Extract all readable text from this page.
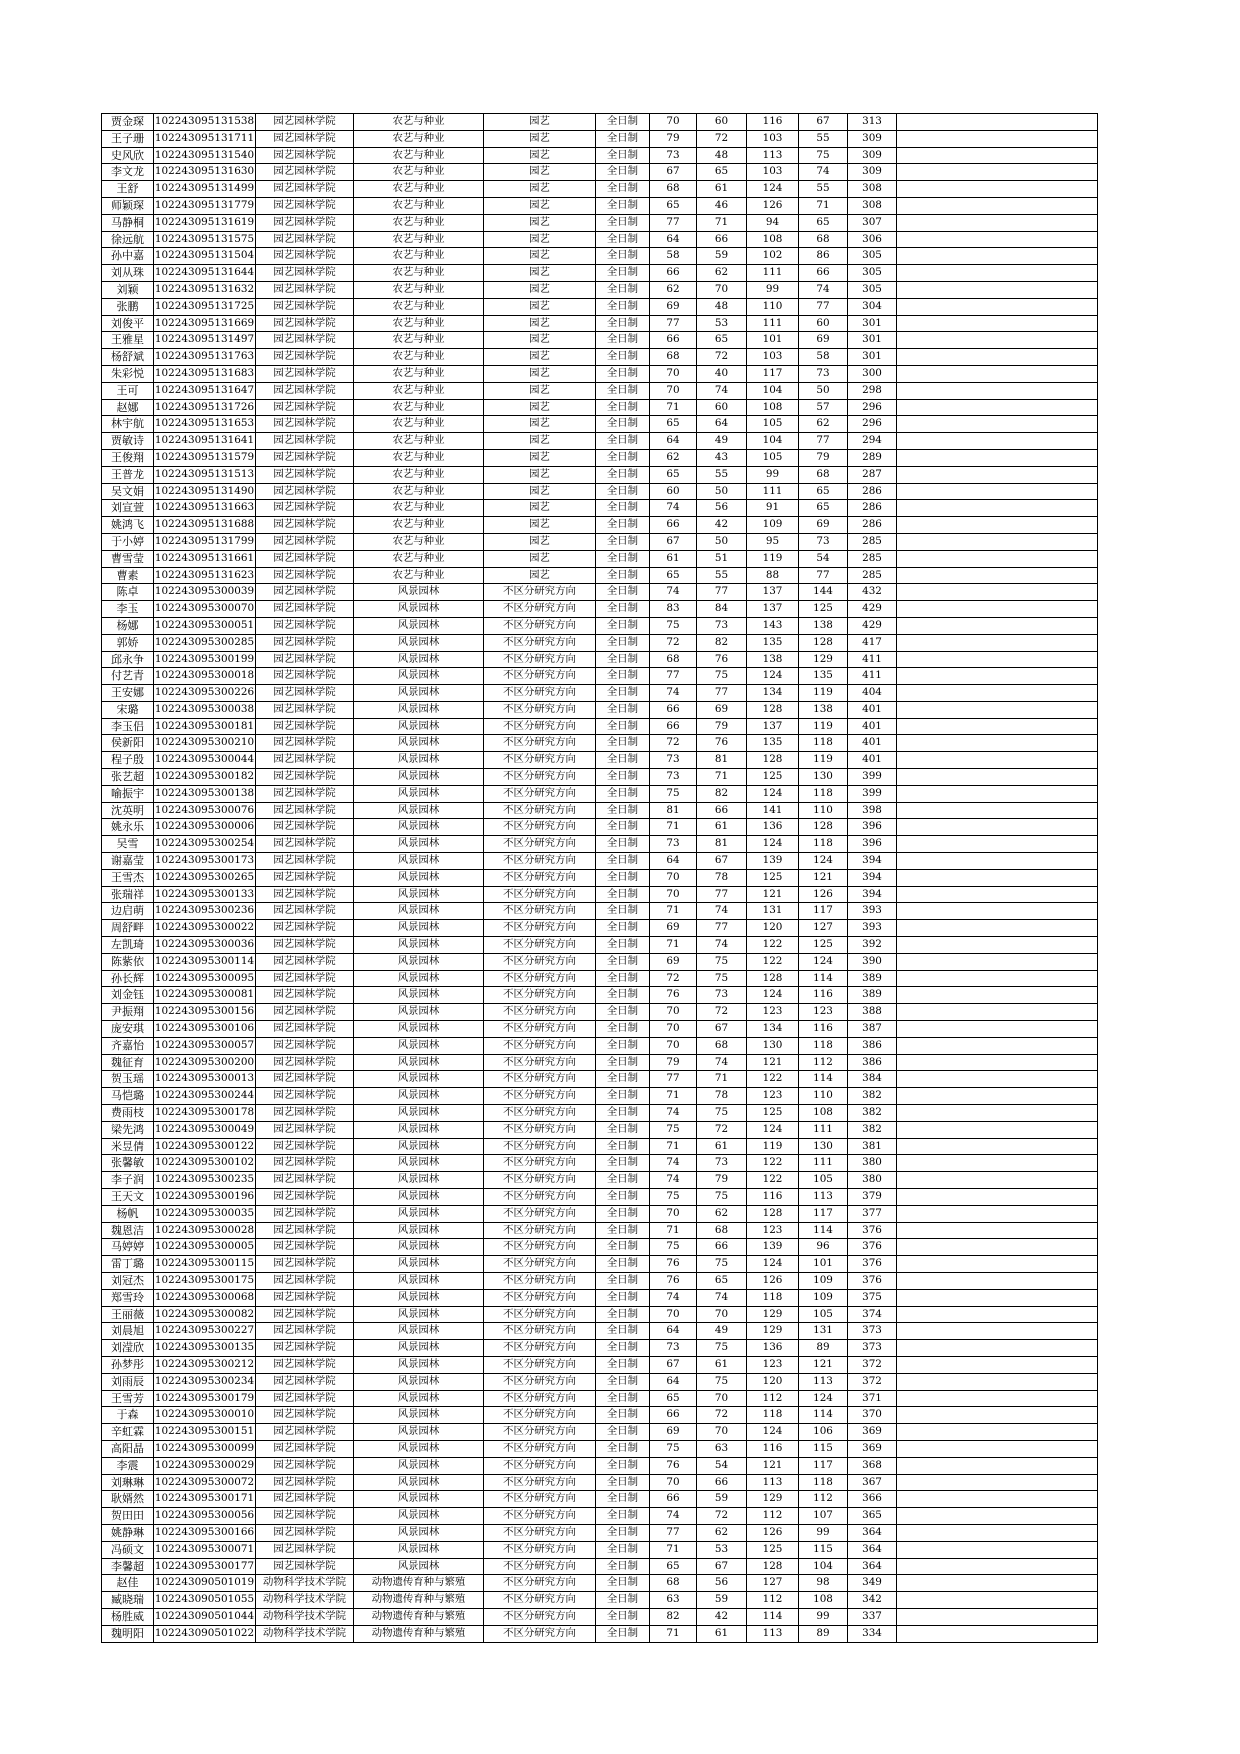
贾金琛	102243095131538	园艺园林学院	农艺与种业	园艺	全日制	70	60	116	67	313	
王子珊	102243095131711	园艺园林学院	农艺与种业	园艺	全日制	79	72	103	55	309	
史风欣	102243095131540	园艺园林学院	农艺与种业	园艺	全日制	73	48	113	75	309	
李文龙	102243095131630	园艺园林学院	农艺与种业	园艺	全日制	67	65	103	74	309	
王舒	102243095131499	园艺园林学院	农艺与种业	园艺	全日制	68	61	124	55	308	
师颖琛	102243095131779	园艺园林学院	农艺与种业	园艺	全日制	65	46	126	71	308	
马静桐	102243095131619	园艺园林学院	农艺与种业	园艺	全日制	77	71	94	65	307	
徐远航	102243095131575	园艺园林学院	农艺与种业	园艺	全日制	64	66	108	68	306	
孙中嘉	102243095131504	园艺园林学院	农艺与种业	园艺	全日制	58	59	102	86	305	
刘从珠	102243095131644	园艺园林学院	农艺与种业	园艺	全日制	66	62	111	66	305	
刘颖	102243095131632	园艺园林学院	农艺与种业	园艺	全日制	62	70	99	74	305	
张鹏	102243095131725	园艺园林学院	农艺与种业	园艺	全日制	69	48	110	77	304	
刘俊平	102243095131669	园艺园林学院	农艺与种业	园艺	全日制	77	53	111	60	301	
王雅星	102243095131497	园艺园林学院	农艺与种业	园艺	全日制	66	65	101	69	301	
杨舒斌	102243095131763	园艺园林学院	农艺与种业	园艺	全日制	68	72	103	58	301	
朱彩悦	102243095131683	园艺园林学院	农艺与种业	园艺	全日制	70	40	117	73	300	
王可	102243095131647	园艺园林学院	农艺与种业	园艺	全日制	70	74	104	50	298	
赵娜	102243095131726	园艺园林学院	农艺与种业	园艺	全日制	71	60	108	57	296	
林宇航	102243095131653	园艺园林学院	农艺与种业	园艺	全日制	65	64	105	62	296	
贾敏诗	102243095131641	园艺园林学院	农艺与种业	园艺	全日制	64	49	104	77	294	
王俊翔	102243095131579	园艺园林学院	农艺与种业	园艺	全日制	62	43	105	79	289	
王普龙	102243095131513	园艺园林学院	农艺与种业	园艺	全日制	65	55	99	68	287	
吴文娟	102243095131490	园艺园林学院	农艺与种业	园艺	全日制	60	50	111	65	286	
刘宣萱	102243095131663	园艺园林学院	农艺与种业	园艺	全日制	74	56	91	65	286	
姚鸿飞	102243095131688	园艺园林学院	农艺与种业	园艺	全日制	66	42	109	69	286	
于小婷	102243095131799	园艺园林学院	农艺与种业	园艺	全日制	67	50	95	73	285	
曹雪莹	102243095131661	园艺园林学院	农艺与种业	园艺	全日制	61	51	119	54	285	
曹素	102243095131623	园艺园林学院	农艺与种业	园艺	全日制	65	55	88	77	285	
陈卓	102243095300039	园艺园林学院	风景园林	不区分研究方向	全日制	74	77	137	144	432	
李玉	102243095300070	园艺园林学院	风景园林	不区分研究方向	全日制	83	84	137	125	429	
杨娜	102243095300051	园艺园林学院	风景园林	不区分研究方向	全日制	75	73	143	138	429	
郭娇	102243095300285	园艺园林学院	风景园林	不区分研究方向	全日制	72	82	135	128	417	
邱永争	102243095300199	园艺园林学院	风景园林	不区分研究方向	全日制	68	76	138	129	411	
付艺青	102243095300018	园艺园林学院	风景园林	不区分研究方向	全日制	77	75	124	135	411	
王安娜	102243095300226	园艺园林学院	风景园林	不区分研究方向	全日制	74	77	134	119	404	
宋璐	102243095300038	园艺园林学院	风景园林	不区分研究方向	全日制	66	69	128	138	401	
李玉侣	102243095300181	园艺园林学院	风景园林	不区分研究方向	全日制	66	79	137	119	401	
侯新阳	102243095300210	园艺园林学院	风景园林	不区分研究方向	全日制	72	76	135	118	401	
程子殷	102243095300044	园艺园林学院	风景园林	不区分研究方向	全日制	73	81	128	119	401	
张艺超	102243095300182	园艺园林学院	风景园林	不区分研究方向	全日制	73	71	125	130	399	
喻振宇	102243095300138	园艺园林学院	风景园林	不区分研究方向	全日制	75	82	124	118	399	
沈英明	102243095300076	园艺园林学院	风景园林	不区分研究方向	全日制	81	66	141	110	398	
姚永乐	102243095300006	园艺园林学院	风景园林	不区分研究方向	全日制	71	61	136	128	396	
吴雪	102243095300254	园艺园林学院	风景园林	不区分研究方向	全日制	73	81	124	118	396	
谢嘉莹	102243095300173	园艺园林学院	风景园林	不区分研究方向	全日制	64	67	139	124	394	
王雪杰	102243095300265	园艺园林学院	风景园林	不区分研究方向	全日制	70	78	125	121	394	
张瑞祥	102243095300133	园艺园林学院	风景园林	不区分研究方向	全日制	70	77	121	126	394	
边启萌	102243095300236	园艺园林学院	风景园林	不区分研究方向	全日制	71	74	131	117	393	
周舒畔	102243095300022	园艺园林学院	风景园林	不区分研究方向	全日制	69	77	120	127	393	
左凯琦	102243095300036	园艺园林学院	风景园林	不区分研究方向	全日制	71	74	122	125	392	
陈紫依	102243095300114	园艺园林学院	风景园林	不区分研究方向	全日制	69	75	122	124	390	
孙长辉	102243095300095	园艺园林学院	风景园林	不区分研究方向	全日制	72	75	128	114	389	
刘金钰	102243095300081	园艺园林学院	风景园林	不区分研究方向	全日制	76	73	124	116	389	
尹振翔	102243095300156	园艺园林学院	风景园林	不区分研究方向	全日制	70	72	123	123	388	
庞安琪	102243095300106	园艺园林学院	风景园林	不区分研究方向	全日制	70	67	134	116	387	
齐嘉怡	102243095300057	园艺园林学院	风景园林	不区分研究方向	全日制	70	68	130	118	386	
魏征育	102243095300200	园艺园林学院	风景园林	不区分研究方向	全日制	79	74	121	112	386	
贺玉瑶	102243095300013	园艺园林学院	风景园林	不区分研究方向	全日制	77	71	122	114	384	
马恺璐	102243095300244	园艺园林学院	风景园林	不区分研究方向	全日制	71	78	123	110	382	
费雨枝	102243095300178	园艺园林学院	风景园林	不区分研究方向	全日制	74	75	125	108	382	
梁先鸿	102243095300049	园艺园林学院	风景园林	不区分研究方向	全日制	75	72	124	111	382	
米昱倩	102243095300122	园艺园林学院	风景园林	不区分研究方向	全日制	71	61	119	130	381	
张馨敏	102243095300102	园艺园林学院	风景园林	不区分研究方向	全日制	74	73	122	111	380	
李子润	102243095300235	园艺园林学院	风景园林	不区分研究方向	全日制	74	79	122	105	380	
王天文	102243095300196	园艺园林学院	风景园林	不区分研究方向	全日制	75	75	116	113	379	
杨帆	102243095300035	园艺园林学院	风景园林	不区分研究方向	全日制	70	62	128	117	377	
魏恩洁	102243095300028	园艺园林学院	风景园林	不区分研究方向	全日制	71	68	123	114	376	
马婷婷	102243095300005	园艺园林学院	风景园林	不区分研究方向	全日制	75	66	139	96	376	
雷丁璐	102243095300115	园艺园林学院	风景园林	不区分研究方向	全日制	76	75	124	101	376	
刘冠杰	102243095300175	园艺园林学院	风景园林	不区分研究方向	全日制	76	65	126	109	376	
郑雪玲	102243095300068	园艺园林学院	风景园林	不区分研究方向	全日制	74	74	118	109	375	
王丽薇	102243095300082	园艺园林学院	风景园林	不区分研究方向	全日制	70	70	129	105	374	
刘晨旭	102243095300227	园艺园林学院	风景园林	不区分研究方向	全日制	64	49	129	131	373	
刘滢欣	102243095300135	园艺园林学院	风景园林	不区分研究方向	全日制	73	75	136	89	373	
孙梦彤	102243095300212	园艺园林学院	风景园林	不区分研究方向	全日制	67	61	123	121	372	
刘雨辰	102243095300234	园艺园林学院	风景园林	不区分研究方向	全日制	64	75	120	113	372	
王雪芳	102243095300179	园艺园林学院	风景园林	不区分研究方向	全日制	65	70	112	124	371	
于森	102243095300010	园艺园林学院	风景园林	不区分研究方向	全日制	66	72	118	114	370	
辛虹霖	102243095300151	园艺园林学院	风景园林	不区分研究方向	全日制	69	70	124	106	369	
高阳晶	102243095300099	园艺园林学院	风景园林	不区分研究方向	全日制	75	63	116	115	369	
李震	102243095300029	园艺园林学院	风景园林	不区分研究方向	全日制	76	54	121	117	368	
刘琳琳	102243095300072	园艺园林学院	风景园林	不区分研究方向	全日制	70	66	113	118	367	
耿婿然	102243095300171	园艺园林学院	风景园林	不区分研究方向	全日制	66	59	129	112	366	
贺田田	102243095300056	园艺园林学院	风景园林	不区分研究方向	全日制	74	72	112	107	365	
姚静琳	102243095300166	园艺园林学院	风景园林	不区分研究方向	全日制	77	62	126	99	364	
冯硕文	102243095300071	园艺园林学院	风景园林	不区分研究方向	全日制	71	53	125	115	364	
李馨超	102243095300177	园艺园林学院	风景园林	不区分研究方向	全日制	65	67	128	104	364	
赵佳	102243090501019	动物科学技术学院	动物遗传育种与繁殖	不区分研究方向	全日制	68	56	127	98	349	
臧晓瑞	102243090501055	动物科学技术学院	动物遗传育种与繁殖	不区分研究方向	全日制	63	59	112	108	342	
杨胜威	102243090501044	动物科学技术学院	动物遗传育种与繁殖	不区分研究方向	全日制	82	42	114	99	337	
魏明阳	102243090501022	动物科学技术学院	动物遗传育种与繁殖	不区分研究方向	全日制	71	61	113	89	334	
